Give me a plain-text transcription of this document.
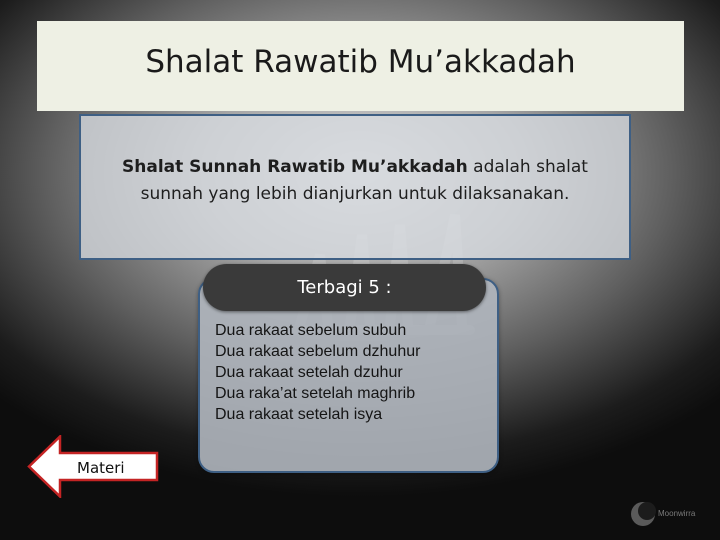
Shalat Rawatib Mu’akkadah
Shalat Sunnah Rawatib Mu’akkadah adalah shalat sunnah yang lebih dianjurkan untuk dilaksanakan.
Terbagi 5 :
Dua rakaat sebelum subuh
Dua rakaat sebelum dzhuhur
Dua rakaat setelah dzuhur
Dua raka’at setelah maghrib
Dua rakaat setelah isya
Materi
Moonwirra
